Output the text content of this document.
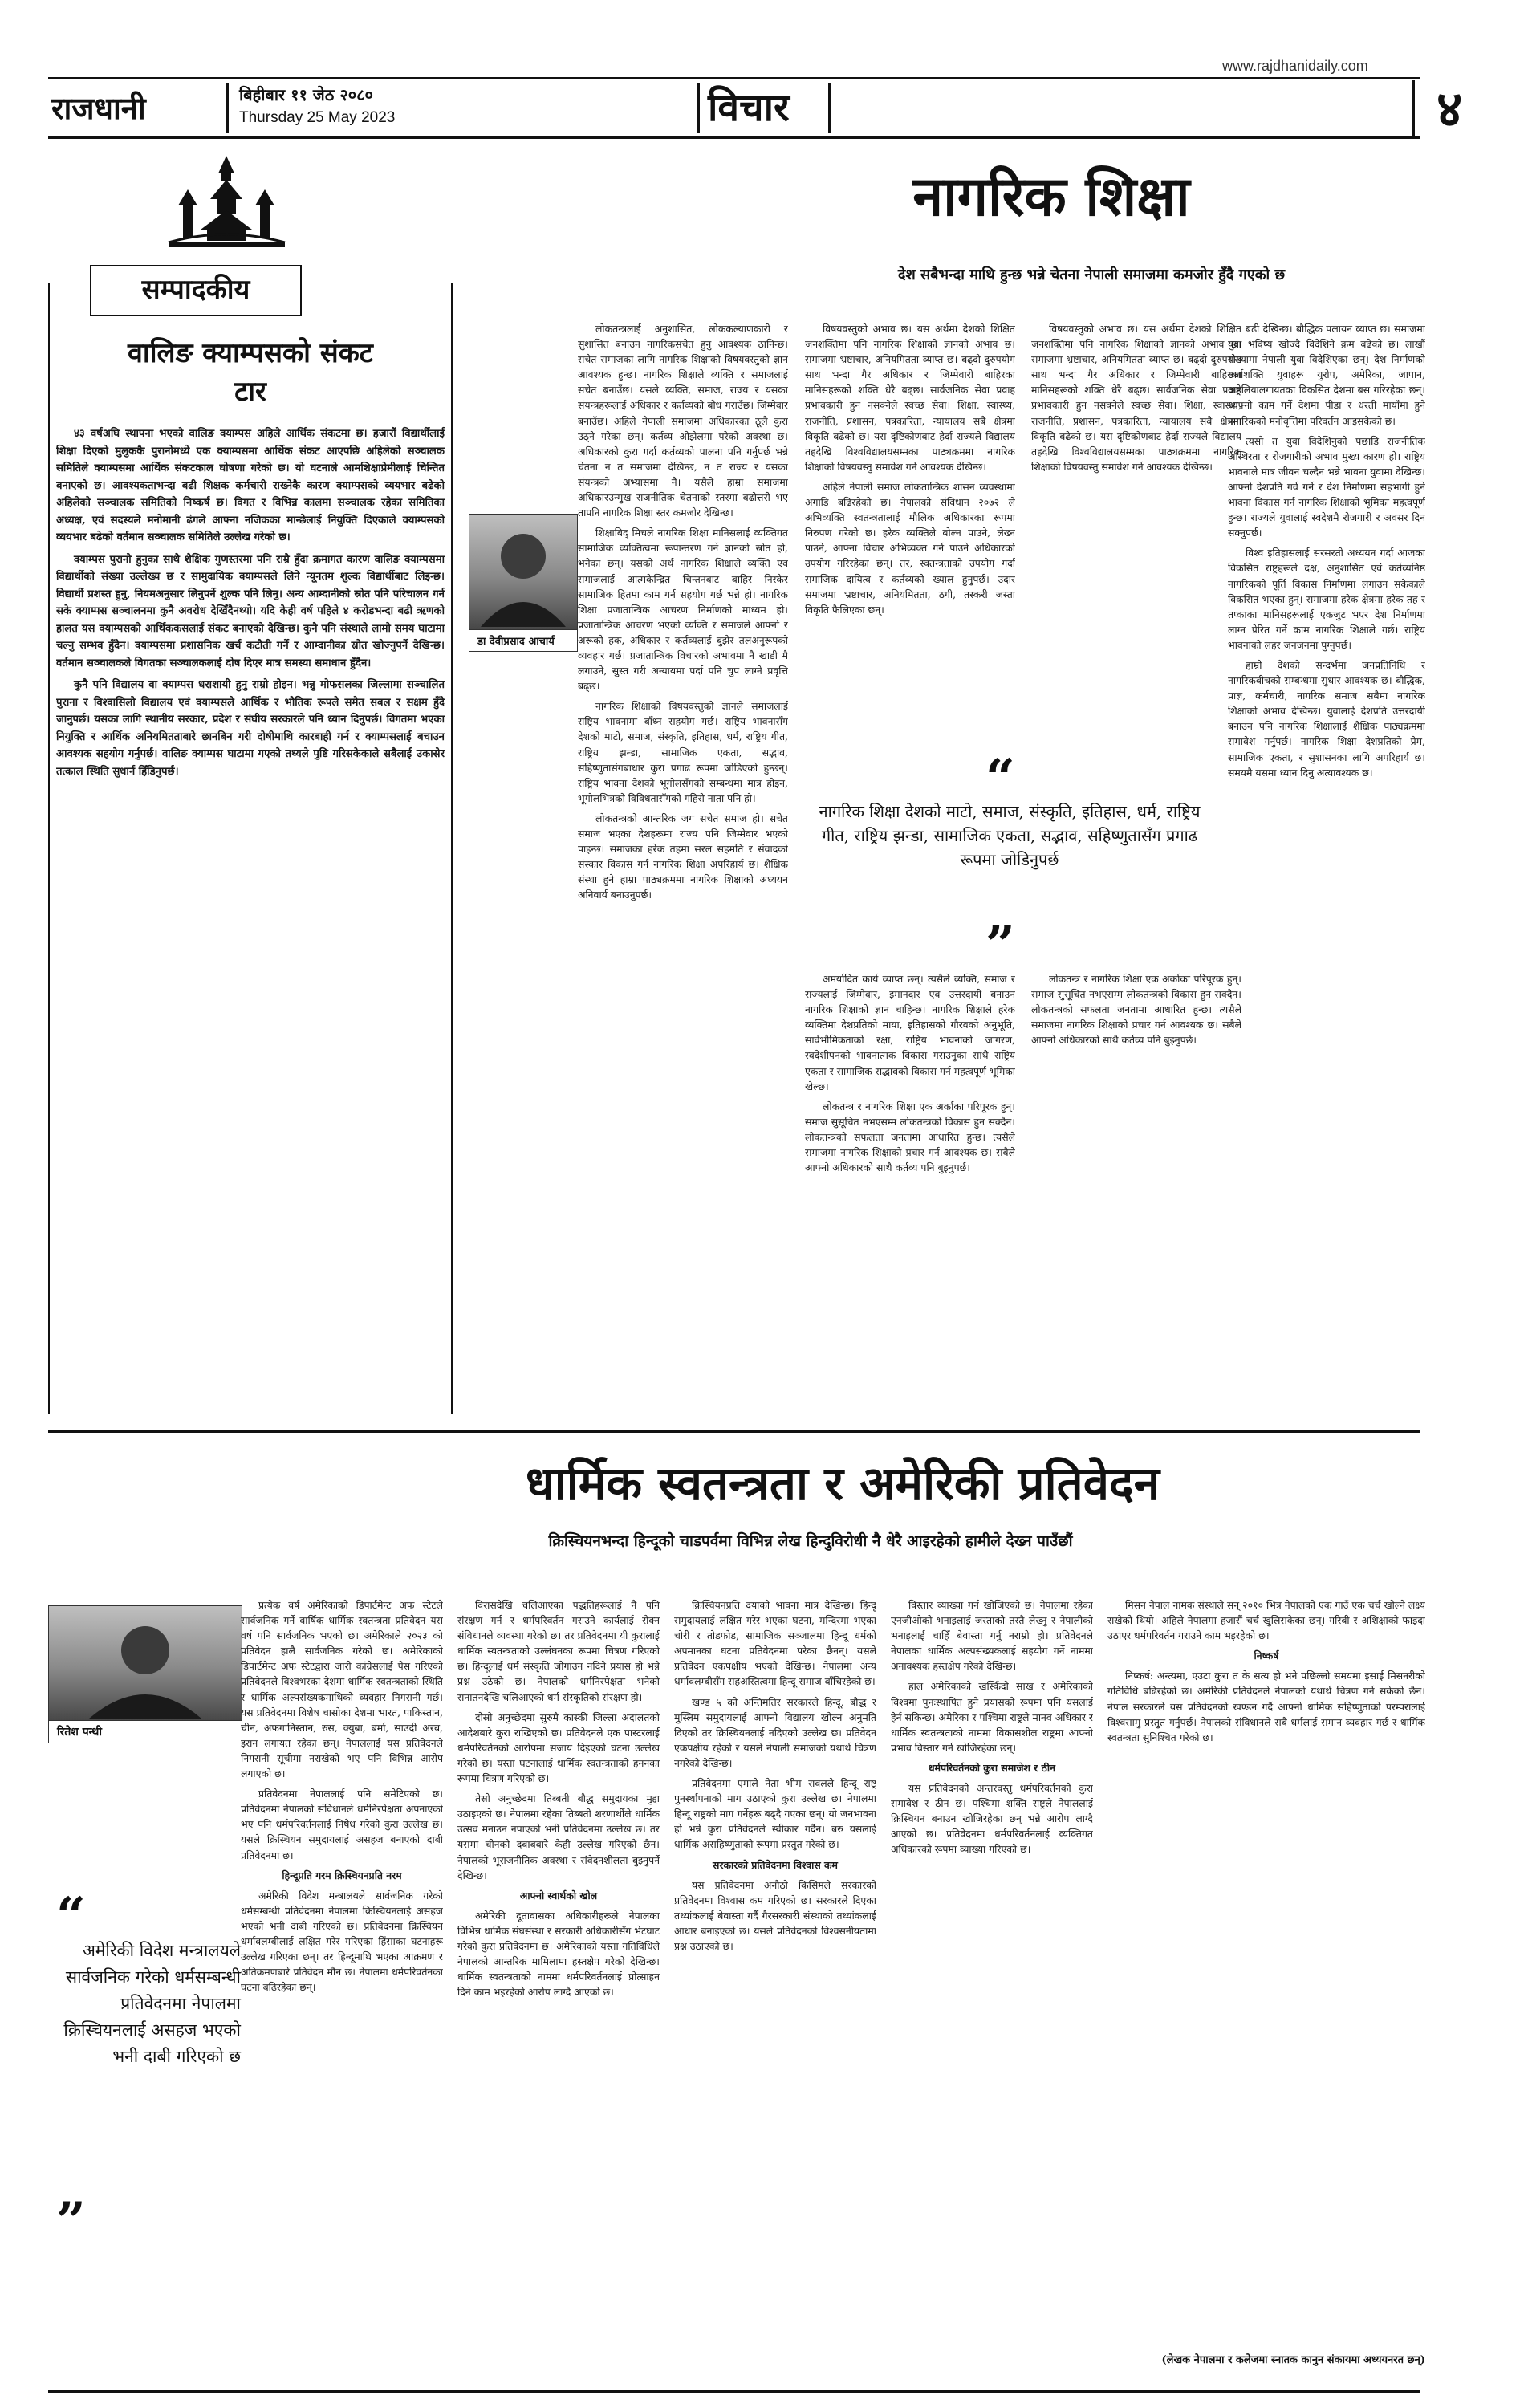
www.rajdhanidaily.com
राजधानी	बिहीबार ११ जेठ २०८०
Thursday 25 May 2023	विचार	४
सम्पादकीय
वालिङ क्याम्पसको संकट टार

४३ वर्षअघि स्थापना भएको वालिङ क्याम्पस अहिले आर्थिक संकटमा छ। हजारौं विद्यार्थीलाई शिक्षा दिएको मुलुककै पुरानोमध्ये एक क्याम्पसमा आर्थिक संकट आएपछि अहिलेको सञ्चालक समितिले क्याम्पसमा आर्थिक संकटकाल घोषणा गरेको छ। यो घटनाले आमशिक्षाप्रेमीलाई चिन्तित बनाएको छ। आवश्यकताभन्दा बढी शिक्षक कर्मचारी राख्नेकै कारण क्याम्पसको व्ययभार बढेको अहिलेको सञ्चालक समितिको निष्कर्ष छ। विगत र विभिन्न कालमा सञ्चालक रहेका समितिका अध्यक्ष, एवं सदस्यले मनोमानी ढंगले आफ्ना नजिकका मान्छेलाई नियुक्ति दिएकाले क्याम्पसको व्ययभार बढेको वर्तमान सञ्चालक समितिले उल्लेख गरेको छ।

क्याम्पस पुरानो हुनुका साथै शैक्षिक गुणस्तरमा पनि राम्रै हुँदा क्रमागत कारण वालिङ क्याम्पसमा विद्यार्थीको संख्या उल्लेख्य छ र सामुदायिक क्याम्पसले लिने न्यूनतम शुल्क विद्यार्थीबाट लिइन्छ। विद्यार्थी प्रशस्त हुनु, नियमअनुसार लिनुपर्ने शुल्क पनि लिनु। अन्य आम्दानीको स्रोत पनि परिचालन गर्न सके क्याम्पस सञ्चालनमा कुनै अवरोध देखिँदैनथ्यो। यदि केही वर्ष पहिले ४ करोडभन्दा बढी ऋणको हालत यस क्याम्पसको आर्थिककसलाई संकट बनाएको देखिन्छ। कुनै पनि संस्थाले लामो समय घाटामा चल्नु सम्भव हुँदैन। क्याम्पसमा प्रशासनिक खर्च कटौती गर्ने र आम्दानीका स्रोत खोज्नुपर्ने देखिन्छ। वर्तमान सञ्चालकले विगतका सञ्चालकलाई दोष दिएर मात्र समस्या समाधान हुँदैन।

कुनै पनि विद्यालय वा क्याम्पस धराशायी हुनु राम्रो होइन। भन्नु मोफसलका जिल्लामा सञ्चालित पुराना र विश्वासिलो विद्यालय एवं क्याम्पसले आर्थिक र भौतिक रूपले समेत सबल र सक्षम हुँदै जानुपर्छ। यसका लागि स्थानीय सरकार, प्रदेश र संघीय सरकारले पनि ध्यान दिनुपर्छ। विगतमा भएका नियुक्ति र आर्थिक अनियमितताबारे छानबिन गरी दोषीमाथि कारबाही गर्न र क्याम्पसलाई बचाउन आवश्यक सहयोग गर्नुपर्छ। वालिङ क्याम्पस घाटामा गएको तथ्यले पुष्टि गरिसकेकाले सबैलाई उकासेर तत्काल स्थिति सुधार्न हिँडिनुपर्छ।

नागरिक शिक्षा
देश सबैभन्दा माथि हुन्छ भन्ने चेतना नेपाली समाजमा कमजोर हुँदै गएको छ
डा देवीप्रसाद आचार्य

लोकतन्त्रलाई अनुशासित, लोककल्याणकारी र सुशासित बनाउन नागरिकसचेत हुनु आवश्यक ठानिन्छ। सचेत समाजका लागि नागरिक शिक्षाको विषयवस्तुको ज्ञान आवश्यक हुन्छ। नागरिक शिक्षाले व्यक्ति र समाजलाई सचेत बनाउँछ। यसले व्यक्ति, समाज, राज्य र यसका संयन्त्रहरूलाई अधिकार र कर्तव्यको बोध गराउँछ। जिम्मेवार बनाउँछ। अहिले नेपाली समाजमा अधिकारका ठूलै कुरा उठ्ने गरेका छन्। कर्तव्य ओझेलमा परेको अवस्था छ। अधिकारको कुरा गर्दा कर्तव्यको पालना पनि गर्नुपर्छ भन्ने चेतना न त समाजमा देखिन्छ, न त राज्य र यसका संयन्त्रको अभ्यासमा नै। यसैले हाम्रा समाजमा अधिकारउन्मुख राजनीतिक चेतनाको स्तरमा बढोत्तरी भए तापनि नागरिक शिक्षा स्तर कमजोर देखिन्छ।

शिक्षाबिद् मिचले नागरिक शिक्षा मानिसलाई व्यक्तिगत सामाजिक व्यक्तित्वमा रूपान्तरण गर्ने ज्ञानको स्रोत हो, भनेका छन्। यसको अर्थ नागरिक शिक्षाले व्यक्ति एव समाजलाई आत्मकेन्द्रित चिन्तनबाट बाहिर निस्केर सामाजिक हितमा काम गर्न सहयोग गर्छ भन्ने हो। नागरिक शिक्षा प्रजातान्त्रिक आचरण निर्माणको माध्यम हो। प्रजातान्त्रिक आचरण भएको व्यक्ति र समाजले आफ्नो र अरूको हक, अधिकार र कर्तव्यलाई बुझेर तलअनुरूपको व्यवहार गर्छ। प्रजातान्त्रिक विचारको अभावमा नै खाडी मै लगाउने, सुस्त गरी अन्यायमा पर्दा पनि चुप लाग्ने प्रवृत्ति बढ्छ।

नागरिक शिक्षाको विषयवस्तुको ज्ञानले समाजलाई राष्ट्रिय भावनामा बाँध्न सहयोग गर्छ। राष्ट्रिय भावनासँग देशको माटो, समाज, संस्कृति, इतिहास, धर्म, राष्ट्रिय गीत, राष्ट्रिय झन्डा, सामाजिक एकता, सद्भाव, सहिष्णुतासंगबाधार कुरा प्रगाढ रूपमा जोडिएको हुन्छन्। राष्ट्रिय भावना देशको भूगोलसँगको सम्बन्धमा मात्र होइन, भूगोलभित्रको विविधतासँगको गहिरो नाता पनि हो।

लोकतन्त्रको आन्तरिक जग सचेत समाज हो। सचेत समाज भएका देशहरूमा राज्य पनि जिम्मेवार भएको पाइन्छ। समाजका हरेक तहमा सरल सहमति र संवादको संस्कार विकास गर्न नागरिक शिक्षा अपरिहार्य छ। शैक्षिक संस्था हुने हाम्रा पाठ्यक्रममा नागरिक शिक्षाको अध्ययन अनिवार्य बनाउनुपर्छ।

विषयवस्तुको अभाव छ। यस अर्थमा देशको शिक्षित जनशक्तिमा पनि नागरिक शिक्षाको ज्ञानको अभाव छ। समाजमा भ्रष्टाचार, अनियमितता व्याप्त छ। बढ्दो दुरुपयोग साथ भन्दा गैर अधिकार र जिम्मेवारी बाहिरका मानिसहरूको शक्ति धेरै बढ्छ। सार्वजनिक सेवा प्रवाह प्रभावकारी हुन नसक्नेले स्वच्छ सेवा। शिक्षा, स्वास्थ्य, राजनीति, प्रशासन, पत्रकारिता, न्यायालय सबै क्षेत्रमा विकृति बढेको छ। यस दृष्टिकोणबाट हेर्दा राज्यले विद्यालय तहदेखि विश्वविद्यालयसम्मका पाठ्यक्रममा नागरिक शिक्षाको विषयवस्तु समावेश गर्न आवश्यक देखिन्छ।

अहिले नेपाली समाज लोकतान्त्रिक शासन व्यवस्थामा अगाडि बढिरहेको छ। नेपालको संविधान २०७२ ले अभिव्यक्ति स्वतन्त्रतालाई मौलिक अधिकारका रूपमा निरुपण गरेको छ। हरेक व्यक्तिले बोल्न पाउने, लेख्न पाउने, आफ्ना विचार अभिव्यक्त गर्न पाउने अधिकारको उपयोग गरिरहेका छन्। तर, स्वतन्त्रताको उपयोग गर्दा समाजिक दायित्व र कर्तव्यको ख्याल हुनुपर्छ। उदार समाजमा भ्रष्टाचार, अनियमितता, ठगी, तस्करी जस्ता विकृति फैलिएका छन्।

“
नागरिक शिक्षा देशको माटो, समाज, संस्कृति, इतिहास, धर्म, राष्ट्रिय गीत, राष्ट्रिय झन्डा, सामाजिक एकता, सद्भाव, सहिष्णुतासँग प्रगाढ रूपमा जोडिनुपर्छ
”

अमर्यादित कार्य व्याप्त छन्। त्यसैले व्यक्ति, समाज र राज्यलाई जिम्मेवार, इमानदार एव उत्तरदायी बनाउन नागरिक शिक्षाको ज्ञान चाहिन्छ। नागरिक शिक्षाले हरेक व्यक्तिमा देशप्रतिको माया, इतिहासको गौरवको अनुभूति, सार्वभौमिकताको रक्षा, राष्ट्रिय भावनाको जागरण, स्वदेशीपनको भावनात्मक विकास गराउनुका साथै राष्ट्रिय एकता र सामाजिक सद्भावको विकास गर्न महत्वपूर्ण भूमिका खेल्छ।

लोकतन्त्र र नागरिक शिक्षा एक अर्काका परिपूरक हुन्। समाज सुसूचित नभएसम्म लोकतन्त्रको विकास हुन सक्दैन। लोकतन्त्रको सफलता जनतामा आधारित हुन्छ। त्यसैले समाजमा नागरिक शिक्षाको प्रचार गर्न आवश्यक छ। सबैले आफ्नो अधिकारको साथै कर्तव्य पनि बुझ्नुपर्छ।

विषयवस्तुको अभाव छ। यस अर्थमा देशको शिक्षित जनशक्तिमा पनि नागरिक शिक्षाको ज्ञानको अभाव छ। समाजमा भ्रष्टाचार, अनियमितता व्याप्त छ। बढ्दो दुरुपयोग साथ भन्दा गैर अधिकार र जिम्मेवारी बाहिरका मानिसहरूको शक्ति धेरै बढ्छ। सार्वजनिक सेवा प्रवाह प्रभावकारी हुन नसक्नेले स्वच्छ सेवा। शिक्षा, स्वास्थ्य, राजनीति, प्रशासन, पत्रकारिता, न्यायालय सबै क्षेत्रमा विकृति बढेको छ। यस दृष्टिकोणबाट हेर्दा राज्यले विद्यालय तहदेखि विश्वविद्यालयसम्मका पाठ्यक्रममा नागरिक शिक्षाको विषयवस्तु समावेश गर्न आवश्यक देखिन्छ।

लोकतन्त्र र नागरिक शिक्षा एक अर्काका परिपूरक हुन्। समाज सुसूचित नभएसम्म लोकतन्त्रको विकास हुन सक्दैन। लोकतन्त्रको सफलता जनतामा आधारित हुन्छ। त्यसैले समाजमा नागरिक शिक्षाको प्रचार गर्न आवश्यक छ। सबैले आफ्नो अधिकारको साथै कर्तव्य पनि बुझ्नुपर्छ।

बढी देखिन्छ। बौद्धिक पलायन व्याप्त छ। समाजमा युवा भविष्य खोज्दै विदेशिने क्रम बढेको छ। लाखौं संख्यामा नेपाली युवा विदेशिएका छन्। देश निर्माणको उर्जाशक्ति युवाहरू युरोप, अमेरिका, जापान, अष्ट्रेलियालगायतका विकसित देशमा बस गरिरहेका छन्। आफ्नो काम गर्ने देशमा पीडा र धरती मायाँमा हुने नागरिकको मनोवृत्तिमा परिवर्तन आइसकेको छ।

त्यसो त युवा विदेशिनुको पछाडि राजनीतिक अस्थिरता र रोजगारीको अभाव मुख्य कारण हो। राष्ट्रिय भावनाले मात्र जीवन चल्दैन भन्ने भावना युवामा देखिन्छ। आफ्नो देशप्रति गर्व गर्ने र देश निर्माणमा सहभागी हुने भावना विकास गर्न नागरिक शिक्षाको भूमिका महत्वपूर्ण हुन्छ। राज्यले युवालाई स्वदेशमै रोजगारी र अवसर दिन सक्नुपर्छ।

विश्व इतिहासलाई सरसरती अध्ययन गर्दा आजका विकसित राष्ट्रहरूले दक्ष, अनुशासित एवं कर्तव्यनिष्ठ नागरिकको पूर्ति विकास निर्माणमा लगाउन सकेकाले विकसित भएका हुन्। समाजमा हरेक क्षेत्रमा हरेक तह र तप्काका मानिसहरूलाई एकजुट भएर देश निर्माणमा लाग्न प्रेरित गर्ने काम नागरिक शिक्षाले गर्छ। राष्ट्रिय भावनाको लहर जनजनमा पुग्नुपर्छ।

हाम्रो देशको सन्दर्भमा जनप्रतिनिधि र नागरिकबीचको सम्बन्धमा सुधार आवश्यक छ। बौद्धिक, प्राज्ञ, कर्मचारी, नागरिक समाज सबैमा नागरिक शिक्षाको अभाव देखिन्छ। युवालाई देशप्रति उत्तरदायी बनाउन पनि नागरिक शिक्षालाई शैक्षिक पाठ्यक्रममा समावेश गर्नुपर्छ। नागरिक शिक्षा देशप्रतिको प्रेम, सामाजिक एकता, र सुशासनका लागि अपरिहार्य छ। समयमै यसमा ध्यान दिनु अत्यावश्यक छ।

धार्मिक स्वतन्त्रता र अमेरिकी प्रतिवेदन
क्रिस्चियनभन्दा हिन्दूको चाडपर्वमा विभिन्न लेख हिन्दुविरोधी नै धेरै आइरहेको हामीले देख्न पाउँछौं
रितेश पन्थी
“
अमेरिकी विदेश मन्त्रालयले सार्वजनिक गरेको धर्मसम्बन्धी प्रतिवेदनमा नेपालमा क्रिस्चियनलाई असहज भएको भनी दाबी गरिएको छ
”

प्रत्येक वर्ष अमेरिकाको डिपार्टमेन्ट अफ स्टेटले सार्वजनिक गर्ने वार्षिक धार्मिक स्वतन्त्रता प्रतिवेदन यस वर्ष पनि सार्वजनिक भएको छ। अमेरिकाले २०२३ को प्रतिवेदन हालै सार्वजनिक गरेको छ। अमेरिकाको डिपार्टमेन्ट अफ स्टेटद्वारा जारी कांग्रेसलाई पेस गरिएको प्रतिवेदनले विश्वभरका देशमा धार्मिक स्वतन्त्रताको स्थिति र धार्मिक अल्पसंख्यकमाथिको व्यवहार निगरानी गर्छ। यस प्रतिवेदनमा विशेष चासोका देशमा भारत, पाकिस्तान, चीन, अफगानिस्तान, रुस, क्युबा, बर्मा, साउदी अरब, इरान लगायत रहेका छन्। नेपाललाई यस प्रतिवेदनले निगरानी सूचीमा नराखेको भए पनि विभिन्न आरोप लगाएको छ।

प्रतिवेदनमा नेपाललाई पनि समेटिएको छ। प्रतिवेदनमा नेपालको संविधानले धर्मनिरपेक्षता अपनाएको भए पनि धर्मपरिवर्तनलाई निषेध गरेको कुरा उल्लेख छ। यसले क्रिस्चियन समुदायलाई असहज बनाएको दाबी प्रतिवेदनमा छ।

हिन्दूप्रति गरम क्रिस्चियनप्रति नरम

अमेरिकी विदेश मन्त्रालयले सार्वजनिक गरेको धर्मसम्बन्धी प्रतिवेदनमा नेपालमा क्रिस्चियनलाई असहज भएको भनी दाबी गरिएको छ। प्रतिवेदनमा क्रिस्चियन धर्मावलम्बीलाई लक्षित गरेर गरिएका हिंसाका घटनाहरू उल्लेख गरिएका छन्। तर हिन्दूमाथि भएका आक्रमण र अतिक्रमणबारे प्रतिवेदन मौन छ। नेपालमा धर्मपरिवर्तनका घटना बढिरहेका छन्।

विरासदेखि चलिआएका पद्धतिहरूलाई नै पनि संरक्षण गर्न र धर्मपरिवर्तन गराउने कार्यलाई रोक्न संविधानले व्यवस्था गरेको छ। तर प्रतिवेदनमा यी कुरालाई धार्मिक स्वतन्त्रताको उल्लंघनका रूपमा चित्रण गरिएको छ। हिन्दूलाई धर्म संस्कृति जोगाउन नदिने प्रयास हो भन्ने प्रश्न उठेको छ। नेपालको धर्मनिरपेक्षता भनेको सनातनदेखि चलिआएको धर्म संस्कृतिको संरक्षण हो।

दोस्रो अनुच्छेदमा सुरुमै कास्की जिल्ला अदालतको आदेशबारे कुरा राखिएको छ। प्रतिवेदनले एक पास्टरलाई धर्मपरिवर्तनको आरोपमा सजाय दिइएको घटना उल्लेख गरेको छ। यस्ता घटनालाई धार्मिक स्वतन्त्रताको हननका रूपमा चित्रण गरिएको छ।

तेस्रो अनुच्छेदमा तिब्बती बौद्ध समुदायका मुद्दा उठाइएको छ। नेपालमा रहेका तिब्बती शरणार्थीले धार्मिक उत्सव मनाउन नपाएको भनी प्रतिवेदनमा उल्लेख छ। तर यसमा चीनको दबाबबारे केही उल्लेख गरिएको छैन। नेपालको भूराजनीतिक अवस्था र संवेदनशीलता बुझ्नुपर्ने देखिन्छ।

आफ्नो स्वार्थको खोल

अमेरिकी दूतावासका अधिकारीहरूले नेपालका विभिन्न धार्मिक संघसंस्था र सरकारी अधिकारीसँग भेटघाट गरेको कुरा प्रतिवेदनमा छ। अमेरिकाको यस्ता गतिविधिले नेपालको आन्तरिक मामिलामा हस्तक्षेप गरेको देखिन्छ। धार्मिक स्वतन्त्रताको नाममा धर्मपरिवर्तनलाई प्रोत्साहन दिने काम भइरहेको आरोप लाग्दै आएको छ।

क्रिस्चियनप्रति दयाको भावना मात्र देखिन्छ। हिन्दू समुदायलाई लक्षित गरेर भएका घटना, मन्दिरमा भएका चोरी र तोडफोड, सामाजिक सञ्जालमा हिन्दू धर्मको अपमानका घटना प्रतिवेदनमा परेका छैनन्। यसले प्रतिवेदन एकपक्षीय भएको देखिन्छ। नेपालमा अन्य धर्मावलम्बीसँग सहअस्तित्वमा हिन्दू समाज बाँचिरहेको छ।

खण्ड ५ को अन्तिमतिर सरकारले हिन्दू, बौद्ध र मुस्लिम समुदायलाई आफ्नो विद्यालय खोल्न अनुमति दिएको तर क्रिस्चियनलाई नदिएको उल्लेख छ। प्रतिवेदन एकपक्षीय रहेको र यसले नेपाली समाजको यथार्थ चित्रण नगरेको देखिन्छ।

प्रतिवेदनमा एमाले नेता भीम रावलले हिन्दू राष्ट्र पुनर्स्थापनाको माग उठाएको कुरा उल्लेख छ। नेपालमा हिन्दू राष्ट्रको माग गर्नेहरू बढ्दै गएका छन्। यो जनभावना हो भन्ने कुरा प्रतिवेदनले स्वीकार गर्दैन। बरु यसलाई धार्मिक असहिष्णुताको रूपमा प्रस्तुत गरेको छ।

सरकारको प्रतिवेदनमा विश्वास कम

यस प्रतिवेदनमा अनौठो किसिमले सरकारको प्रतिवेदनमा विश्वास कम गरिएको छ। सरकारले दिएका तथ्यांकलाई बेवास्ता गर्दै गैरसरकारी संस्थाको तथ्यांकलाई आधार बनाइएको छ। यसले प्रतिवेदनको विश्वसनीयतामा प्रश्न उठाएको छ।

विस्तार व्याख्या गर्न खोजिएको छ। नेपालमा रहेका एनजीओको भनाइलाई जस्ताको तस्तै लेख्नु र नेपालीको भनाइलाई चाहिँ बेवास्ता गर्नु नराम्रो हो। प्रतिवेदनले नेपालका धार्मिक अल्पसंख्यकलाई सहयोग गर्ने नाममा अनावश्यक हस्तक्षेप गरेको देखिन्छ।

हाल अमेरिकाको खस्किँदो साख र अमेरिकाको विश्वमा पुनःस्थापित हुने प्रयासको रूपमा पनि यसलाई हेर्न सकिन्छ। अमेरिका र पश्चिमा राष्ट्रले मानव अधिकार र धार्मिक स्वतन्त्रताको नाममा विकासशील राष्ट्रमा आफ्नो प्रभाव विस्तार गर्न खोजिरहेका छन्।

धर्मपरिवर्तनको कुरा समाजेश र ठीन

यस प्रतिवेदनको अन्तरवस्तु धर्मपरिवर्तनको कुरा समावेश र ठीन छ। पश्चिमा शक्ति राष्ट्रले नेपाललाई क्रिस्चियन बनाउन खोजिरहेका छन् भन्ने आरोप लाग्दै आएको छ। प्रतिवेदनमा धर्मपरिवर्तनलाई व्यक्तिगत अधिकारको रूपमा व्याख्या गरिएको छ।

मिसन नेपाल नामक संस्थाले सन् २०१० भित्र नेपालको एक गाउँ एक चर्च खोल्ने लक्ष्य राखेको थियो। अहिले नेपालमा हजारौं चर्च खुलिसकेका छन्। गरिबी र अशिक्षाको फाइदा उठाएर धर्मपरिवर्तन गराउने काम भइरहेको छ।

निष्कर्ष

निष्कर्ष: अन्त्यमा, एउटा कुरा त के सत्य हो भने पछिल्लो समयमा इसाई मिसनरीको गतिविधि बढिरहेको छ। अमेरिकी प्रतिवेदनले नेपालको यथार्थ चित्रण गर्न सकेको छैन। नेपाल सरकारले यस प्रतिवेदनको खण्डन गर्दै आफ्नो धार्मिक सहिष्णुताको परम्परालाई विश्वसामु प्रस्तुत गर्नुपर्छ। नेपालको संविधानले सबै धर्मलाई समान व्यवहार गर्छ र धार्मिक स्वतन्त्रता सुनिश्चित गरेको छ।

(लेखक नेपालमा र कलेजमा स्नातक कानुन संकायमा अध्ययनरत छन्)
